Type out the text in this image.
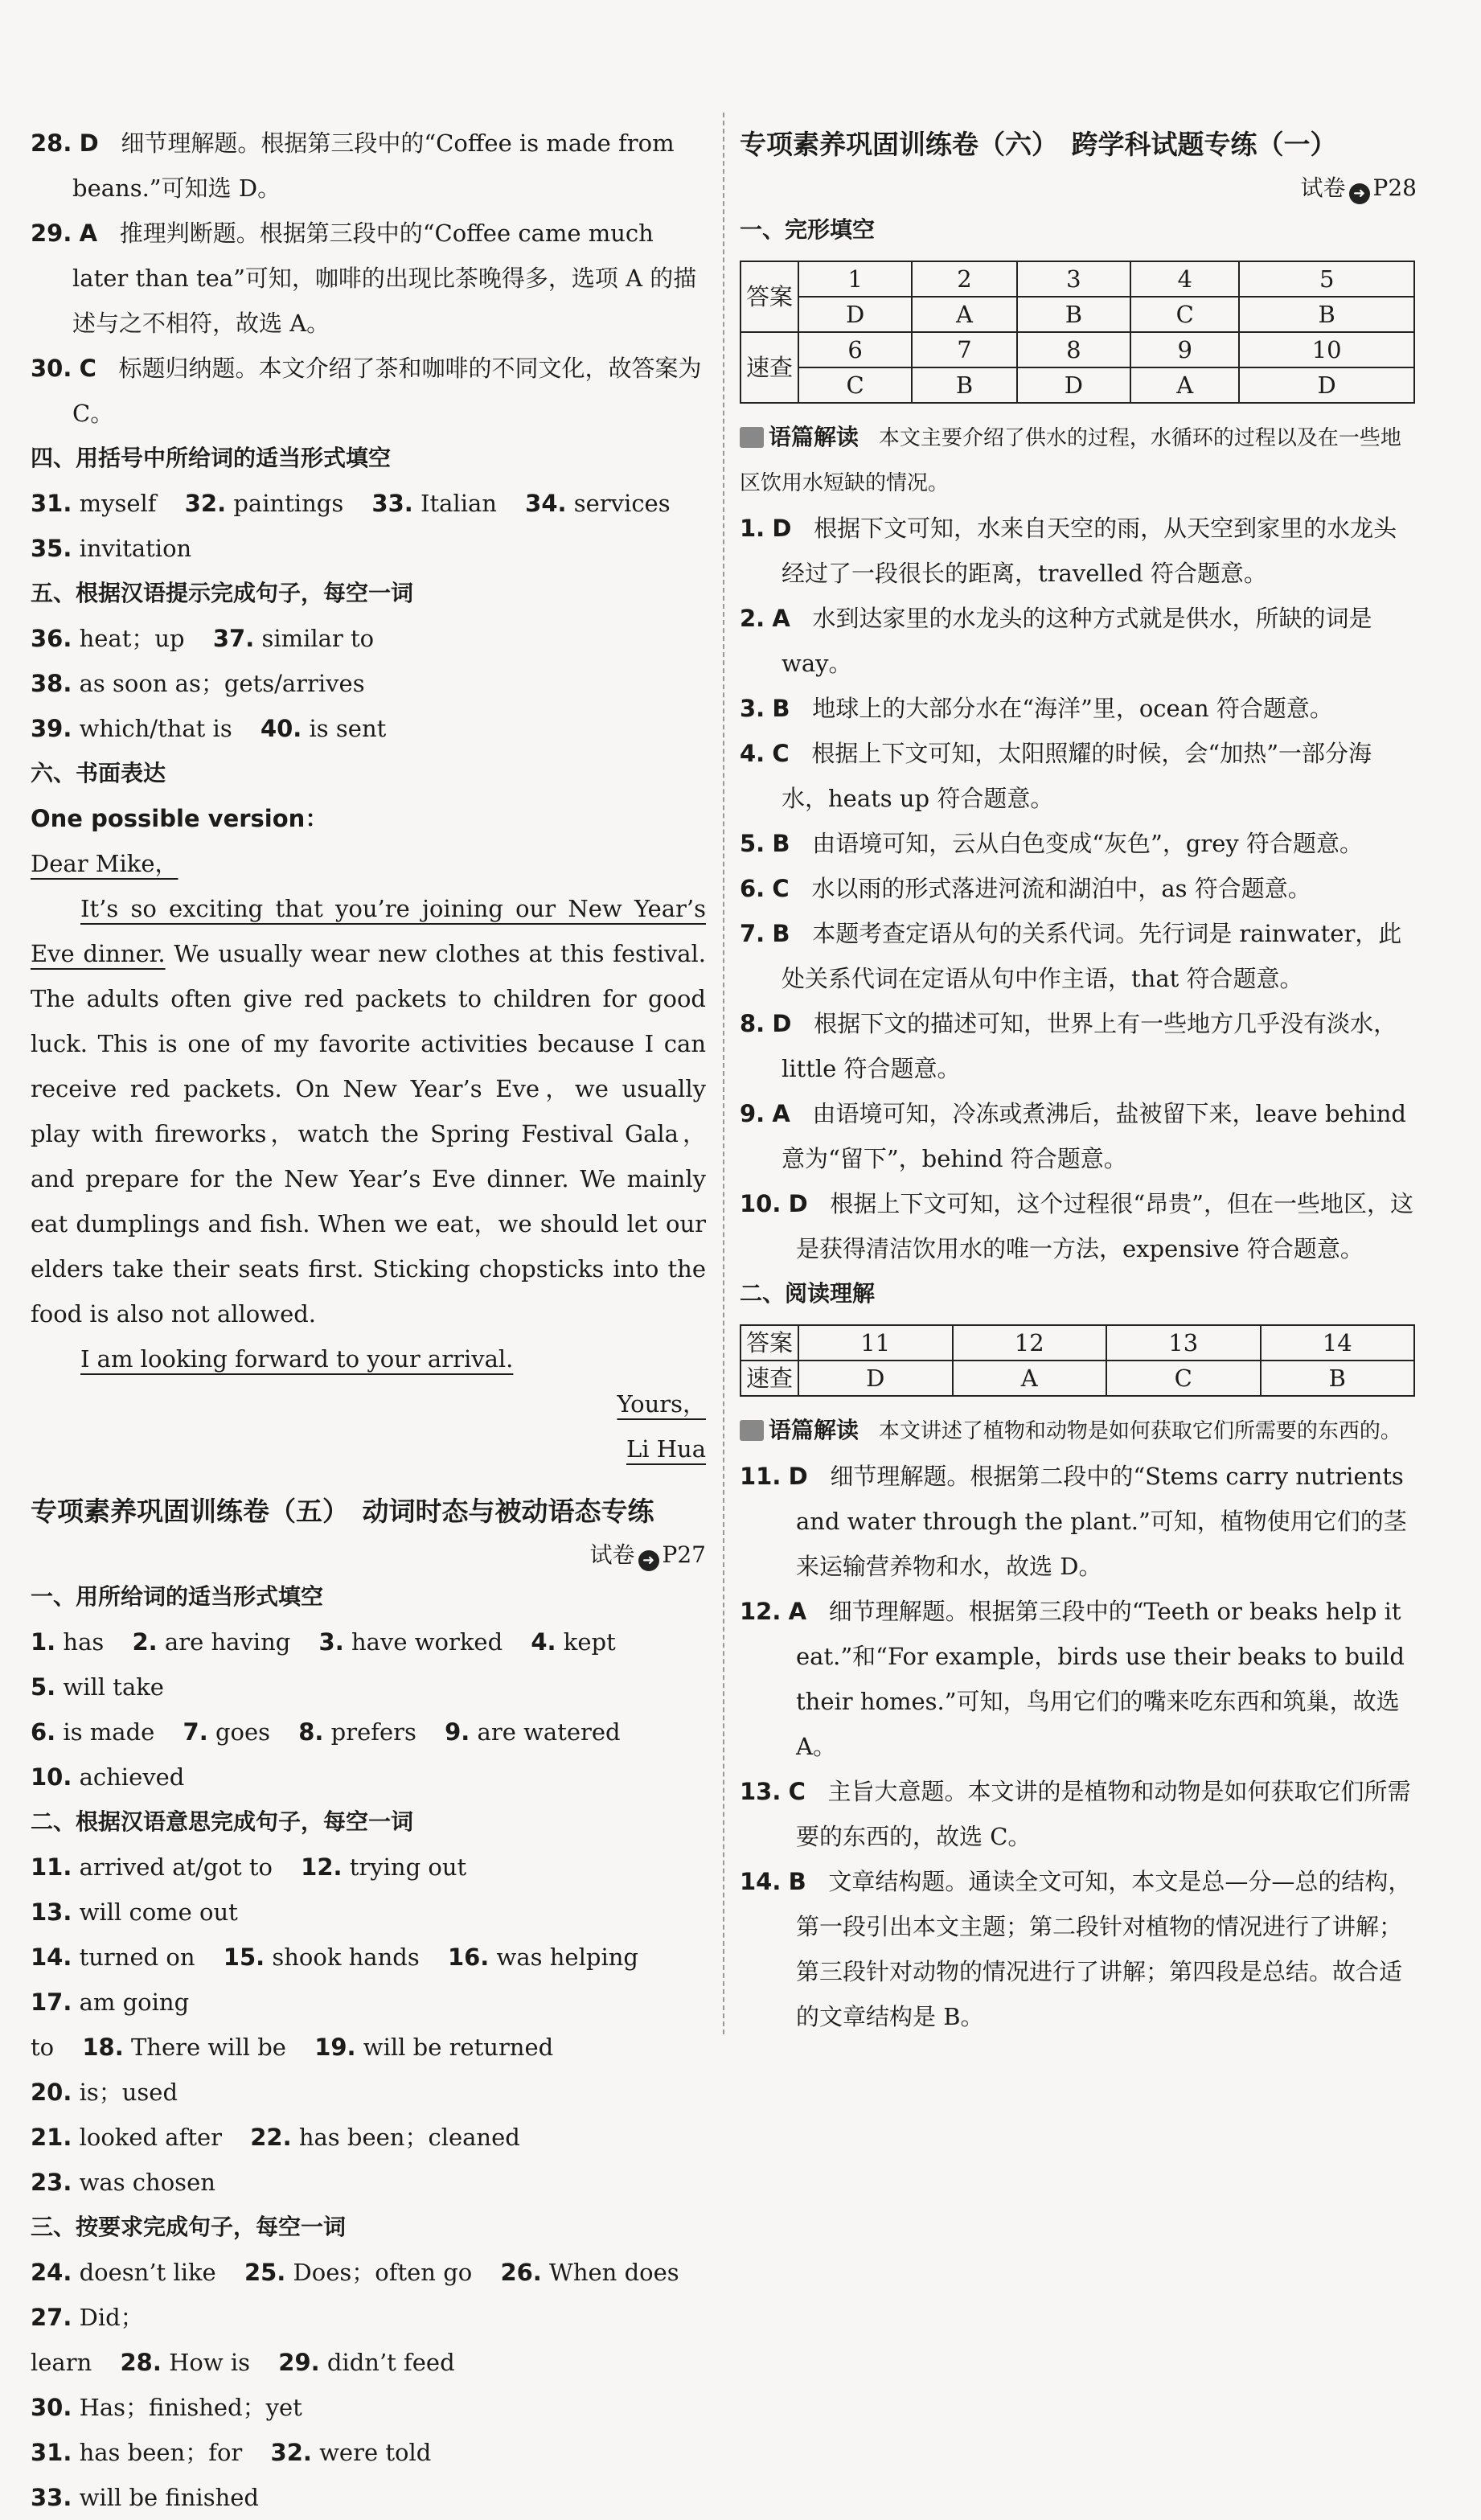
28. D 细节理解题。根据第三段中的“Coffee is made from beans.”可知选 D。
29. A 推理判断题。根据第三段中的“Coffee came much later than tea”可知，咖啡的出现比茶晚得多，选项 A 的描述与之不相符，故选 A。
30. C 标题归纳题。本文介绍了茶和咖啡的不同文化，故答案为 C。
四、用括号中所给词的适当形式填空
31. myself 32. paintings 33. Italian 34. services
35. invitation
五、根据汉语提示完成句子，每空一词
36. heat；up 37. similar to 38. as soon as；gets/arrives
39. which/that is 40. is sent
六、书面表达
One possible version：
Dear Mike，
It’s so exciting that you’re joining our New Year’s Eve dinner. We usually wear new clothes at this festival. The adults often give red packets to children for good luck. This is one of my favorite activities because I can receive red packets. On New Year’s Eve，we usually play with fireworks，watch the Spring Festival Gala，and prepare for the New Year’s Eve dinner. We mainly eat dumplings and fish. When we eat，we should let our elders take their seats first. Sticking chopsticks into the food is also not allowed.
I am looking forward to your arrival.
Yours，
Li Hua
专项素养巩固训练卷（五）　动词时态与被动语态专练
试卷 ➜ P27
一、用所给词的适当形式填空
1. has 2. are having 3. have worked 4. kept 5. will take
6. is made 7. goes 8. prefers 9. are watered 10. achieved
二、根据汉语意思完成句子，每空一词
11. arrived at/got to 12. trying out 13. will come out
14. turned on 15. shook hands 16. was helping 17. am going
to 18. There will be 19. will be returned 20. is；used
21. looked after 22. has been；cleaned 23. was chosen
三、按要求完成句子，每空一词
24. doesn’t like 25. Does；often go 26. When does 27. Did；
learn 28. How is 29. didn’t feed 30. Has；finished；yet
31. has been；for 32. were told 33. will be finished
专项素养巩固训练卷（六）　跨学科试题专练（一）
试卷 ➜ P28
一、完形填空
答案	1	2	3	4	5
	D	A	B	C	B
速查	6	7	8	9	10
	C	B	D	A	D
语篇解读 本文主要介绍了供水的过程，水循环的过程以及在一些地区饮用水短缺的情况。
1. D 根据下文可知，水来自天空的雨，从天空到家里的水龙头经过了一段很长的距离，travelled 符合题意。
2. A 水到达家里的水龙头的这种方式就是供水，所缺的词是 way。
3. B 地球上的大部分水在“海洋”里，ocean 符合题意。
4. C 根据上下文可知，太阳照耀的时候，会“加热”一部分海水，heats up 符合题意。
5. B 由语境可知，云从白色变成“灰色”，grey 符合题意。
6. C 水以雨的形式落进河流和湖泊中，as 符合题意。
7. B 本题考查定语从句的关系代词。先行词是 rainwater，此处关系代词在定语从句中作主语，that 符合题意。
8. D 根据下文的描述可知，世界上有一些地方几乎没有淡水，little 符合题意。
9. A 由语境可知，冷冻或煮沸后，盐被留下来，leave behind 意为“留下”，behind 符合题意。
10. D 根据上下文可知，这个过程很“昂贵”，但在一些地区，这是获得清洁饮用水的唯一方法，expensive 符合题意。
二、阅读理解
答案	11	12	13	14
速查	D	A	C	B
语篇解读 本文讲述了植物和动物是如何获取它们所需要的东西的。
11. D 细节理解题。根据第二段中的“Stems carry nutrients and water through the plant.”可知，植物使用它们的茎来运输营养物和水，故选 D。
12. A 细节理解题。根据第三段中的“Teeth or beaks help it eat.”和“For example，birds use their beaks to build their homes.”可知，鸟用它们的嘴来吃东西和筑巢，故选 A。
13. C 主旨大意题。本文讲的是植物和动物是如何获取它们所需要的东西的，故选 C。
14. B 文章结构题。通读全文可知，本文是总—分—总的结构，第一段引出本文主题；第二段针对植物的情况进行了讲解；第三段针对动物的情况进行了讲解；第四段是总结。故合适的文章结构是 B。
